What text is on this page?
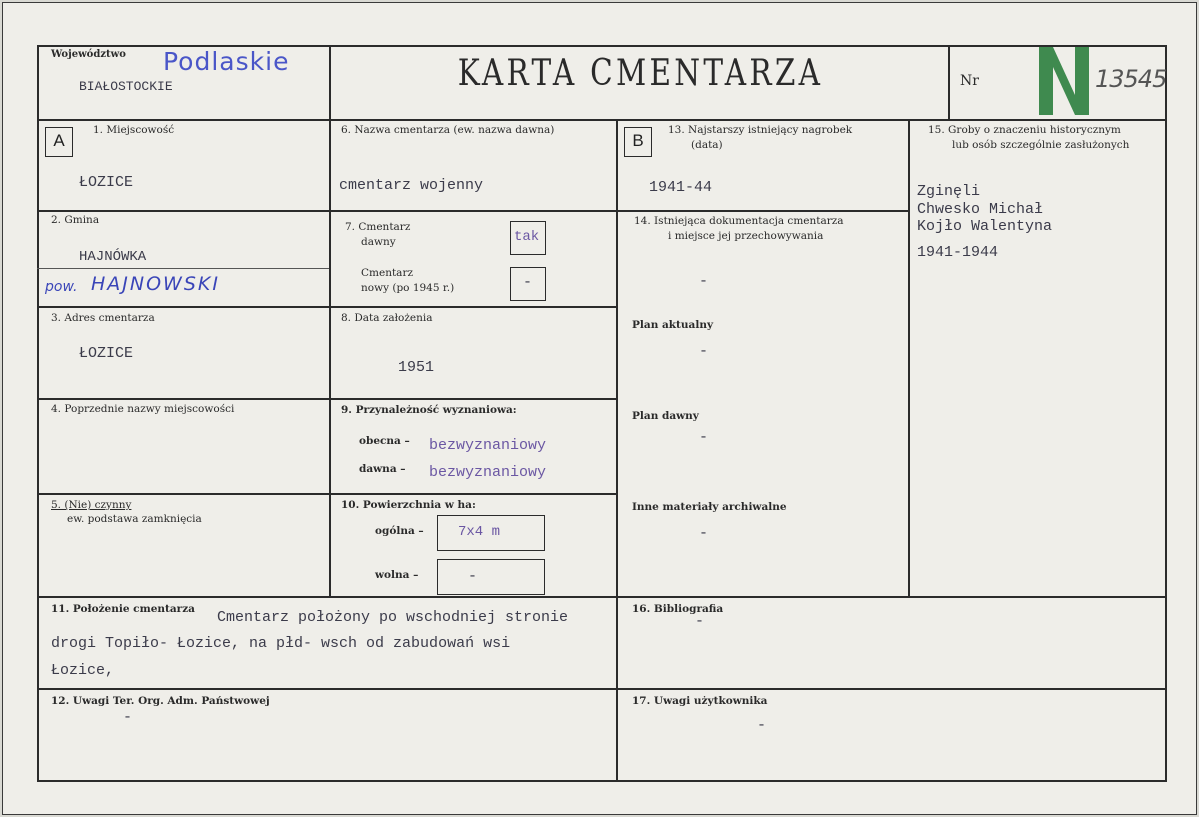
Województwo Podlaskie
BIAŁOSTOCKIE	KARTA CMENTARZA	Nr	13545
A
1. Miejscowość
ŁOZICE
2. Gmina
HAJNÓWKA
pow. HAJNOWSKI
3. Adres cmentarza
ŁOZICE
4. Poprzednie nazwy miejscowości
5. (Nie) czynny
ew. podstawa zamknięcia
6. Nazwa cmentarza (ew. nazwa dawna)
cmentarz wojenny
7. Cmentarz
dawny	tak
Cmentarz
nowy (po 1945 r.)	-
8. Data założenia
1951
9. Przynależność wyznaniowa:
obecna – bezwyznaniowy
dawna – bezwyznaniowy
10. Powierzchnia w ha:
ogólna – 7x4 m
wolna –	-
B
13. Najstarszy istniejący nagrobek
(data)
1941-44
14. Istniejąca dokumentacja cmentarza
i miejsce jej przechowywania
-
Plan aktualny
-
Plan dawny
-
Inne materiały archiwalne
-
15. Groby o znaczeniu historycznym
lub osób szczególnie zasłużonych
Zginęli
Chwesko Michał
Kojło Walentyna
1941-1944
11. Położenie cmentarza Cmentarz położony po wschodniej stronie
drogi Topiło- Łozice, na płd- wsch od zabudowań wsi
Łozice,
12. Uwagi Ter. Org. Adm. Państwowej
-
16. Bibliografia
-
17. Uwagi użytkownika
-
